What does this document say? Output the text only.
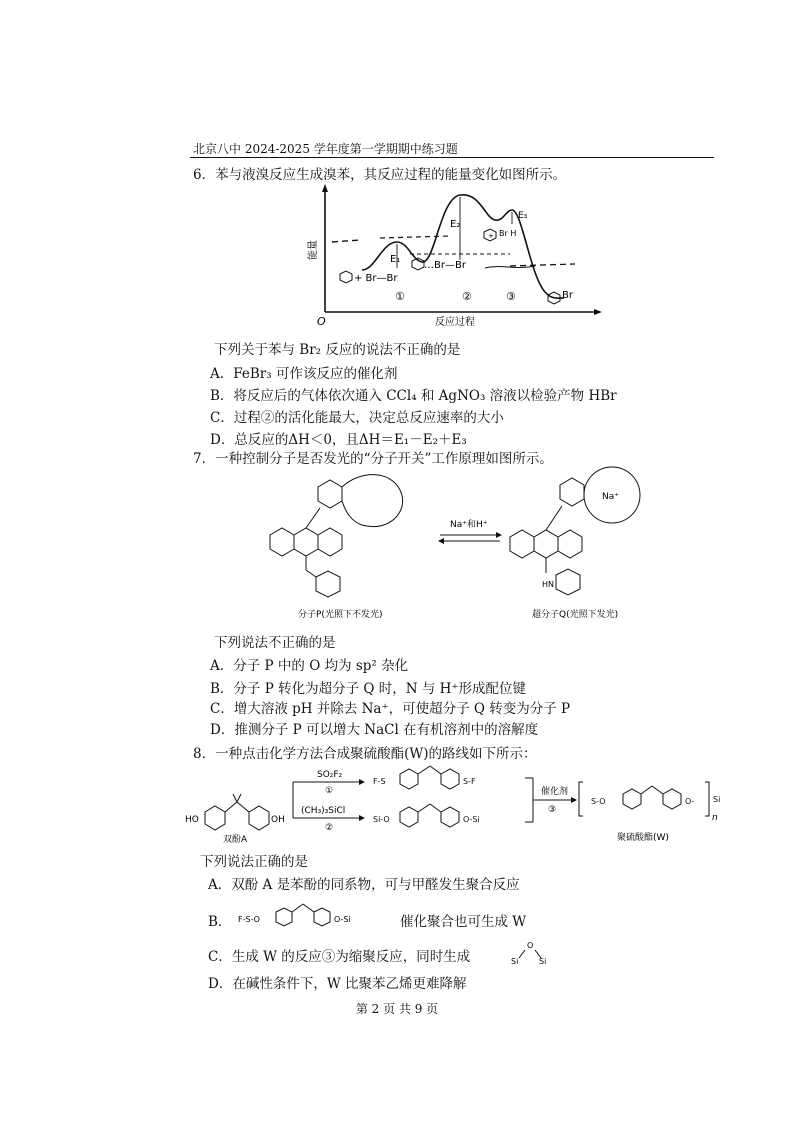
北京八中 2024-2025 学年度第一学期期中练习题
6．苯与液溴反应生成溴苯，其反应过程的能量变化如图所示。
E₁
E₂
E₃
+ Br—Br
…Br—Br
+ Br H
Br
①	②	③
能量
反应过程
O
下列关于苯与 Br₂ 反应的说法不正确的是
A．FeBr₃ 可作该反应的催化剂
B．将反应后的气体依次通入 CCl₄ 和 AgNO₃ 溶液以检验产物 HBr
C．过程②的活化能最大，决定总反应速率的大小
D．总反应的ΔH＜0，且ΔH＝E₁－E₂＋E₃
7．一种控制分子是否发光的“分子开关”工作原理如图所示。
分子P(光照下不发光)
Na⁺和H⁺
Na⁺
HN
超分子Q(光照下发光)
下列说法不正确的是
A．分子 P 中的 O 均为 sp² 杂化
B．分子 P 转化为超分子 Q 时，N 与 H⁺形成配位键
C．增大溶液 pH 并除去 Na⁺，可使超分子 Q 转变为分子 P
D．推测分子 P 可以增大 NaCl 在有机溶剂中的溶解度
8．一种点击化学方法合成聚硫酸酯(W)的路线如下所示：
HO	OH
双酚A
SO₂F₂
①
(CH₃)₃SiCl
②
F-S	S-F
Si-O	O-Si
催化剂
③
S-O	O- Si
n
聚硫酸酯(W)
下列说法正确的是
A．双酚 A 是苯酚的同系物，可与甲醛发生聚合反应
B． F-S-O	O-Si	催化聚合也可生成 W
C．生成 W 的反应③为缩聚反应，同时生成
O
Si	Si
D．在碱性条件下，W 比聚苯乙烯更难降解
第 2 页 共 9 页
